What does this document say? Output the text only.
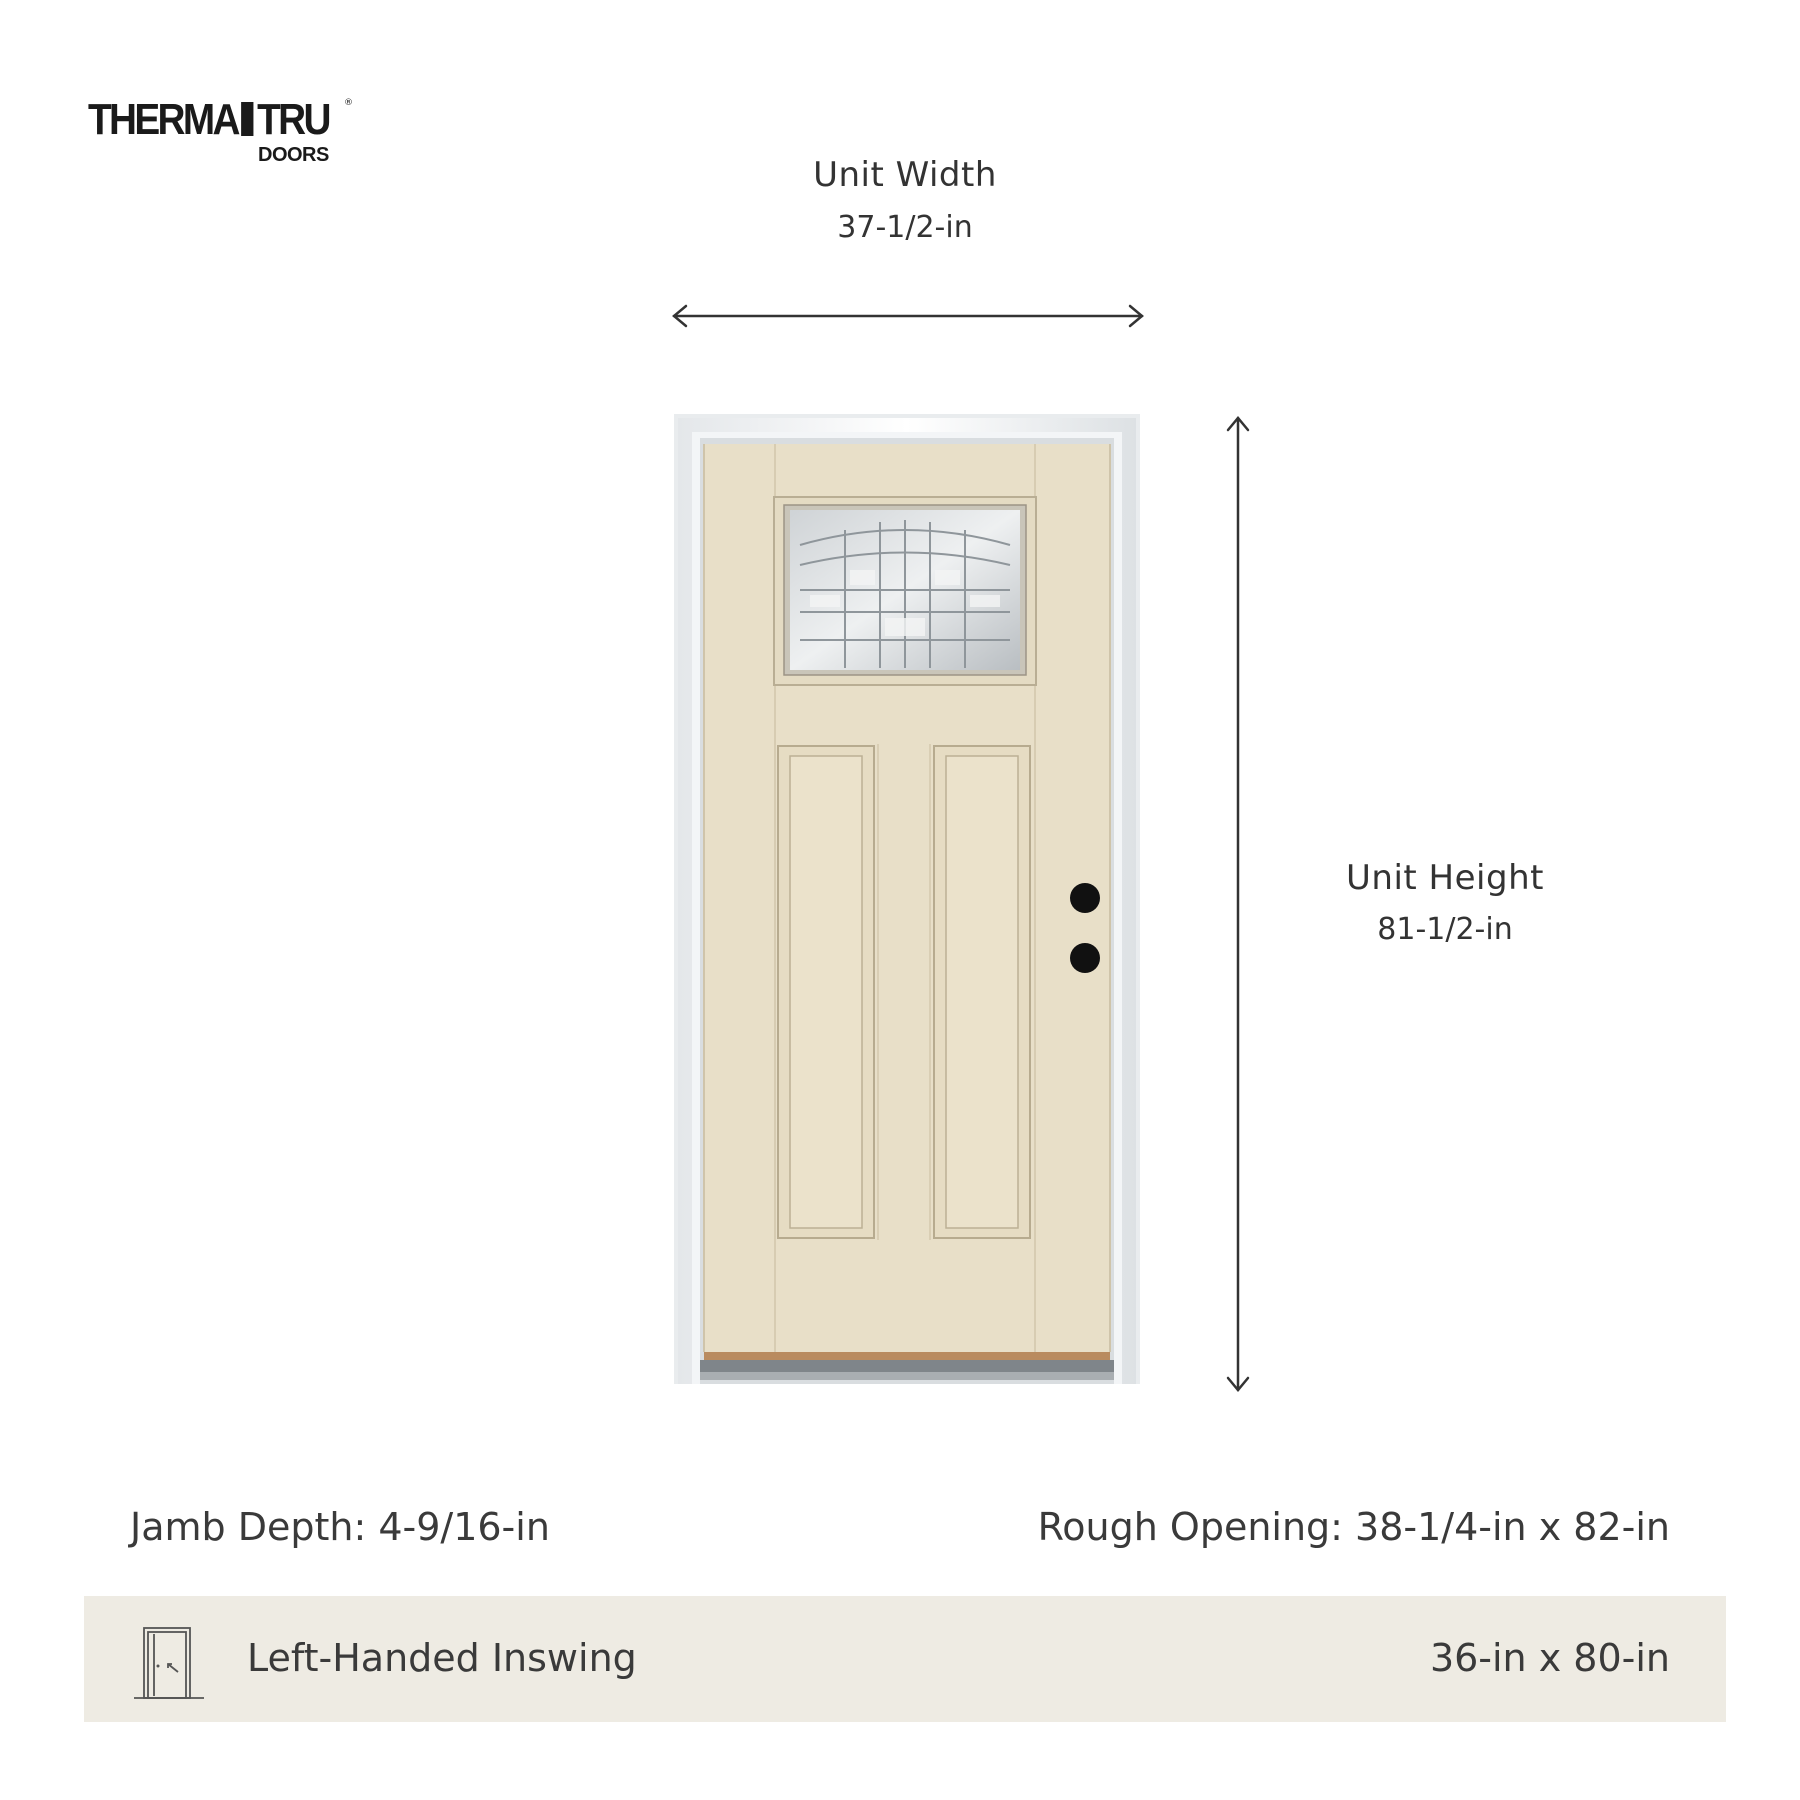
THERMA TRU ®
DOORS	Unit Width
37-1/2-in
Unit Height
81-1/2-in
Jamb Depth: 4-9/16-in	Rough Opening: 38-1/4-in x 82-in
Left-Handed Inswing	36-in x 80-in
